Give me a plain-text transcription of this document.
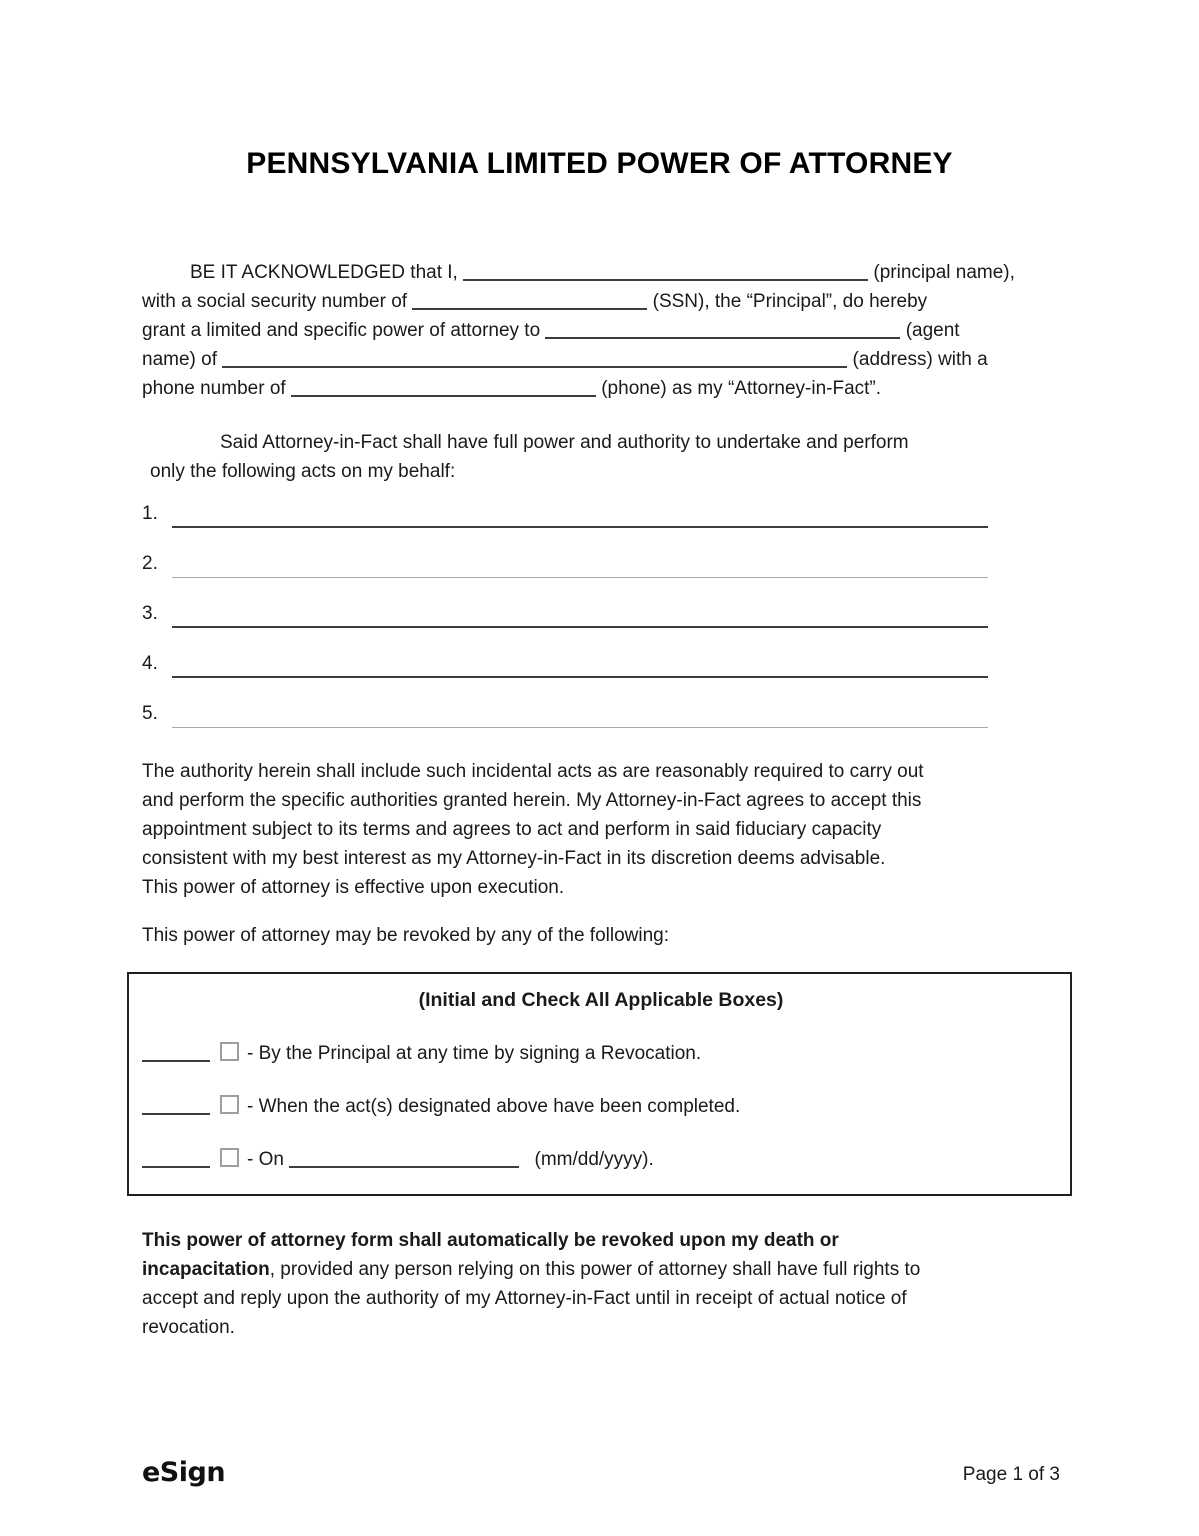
PENNSYLVANIA LIMITED POWER OF ATTORNEY
BE IT ACKNOWLEDGED that I,	(principal name),
with a social security number of	(SSN), the “Principal”, do hereby
grant a limited and specific power of attorney to	(agent
name) of	(address) with a
phone number of	(phone) as my “Attorney-in-Fact”.
Said Attorney-in-Fact shall have full power and authority to undertake and perform
only the following acts on my behalf:
1.
2.
3.
4.
5.
The authority herein shall include such incidental acts as are reasonably required to carry out
and perform the specific authorities granted herein. My Attorney-in-Fact agrees to accept this
appointment subject to its terms and agrees to act and perform in said fiduciary capacity
consistent with my best interest as my Attorney-in-Fact in its discretion deems advisable.
This power of attorney is effective upon execution.
This power of attorney may be revoked by any of the following:
(Initial and Check All Applicable Boxes)
- By the Principal at any time by signing a Revocation.
- When the act(s) designated above have been completed.
- On	(mm/dd/yyyy).
This power of attorney form shall automatically be revoked upon my death or
incapacitation, provided any person relying on this power of attorney shall have full rights to
accept and reply upon the authority of my Attorney-in-Fact until in receipt of actual notice of
revocation.
eSign	Page 1 of 3
